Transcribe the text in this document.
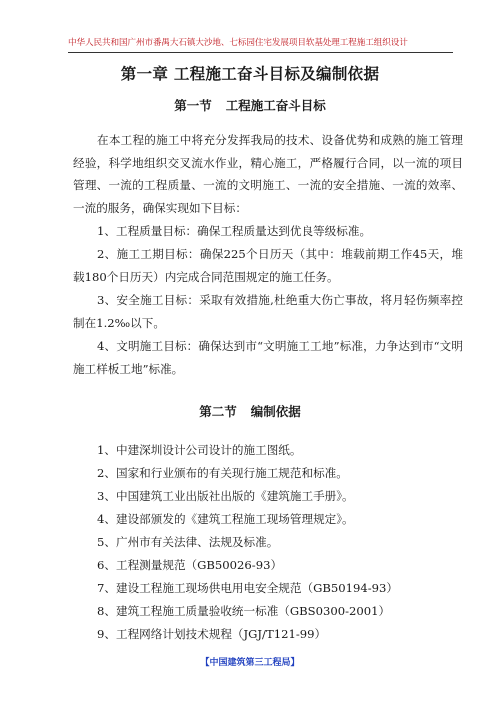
中华人民共和国广州市番禺大石镇大沙地、七标园住宅发展项目软基处理工程施工组织设计
第一章 工程施工奋斗目标及编制依据
第一节 工程施工奋斗目标

在本工程的施工中将充分发挥我局的技术、设备优势和成熟的施工管理经验，科学地组织交叉流水作业，精心施工，严格履行合同，以一流的项目管理、一流的工程质量、一流的文明施工、一流的安全措施、一流的效率、一流的服务，确保实现如下目标：

1、工程质量目标：确保工程质量达到优良等级标准。

2、施工工期目标：确保225个日历天（其中：堆载前期工作45天，堆载180个日历天）内完成合同范围规定的施工任务。

3、安全施工目标：采取有效措施,杜绝重大伤亡事故，将月轻伤频率控制在1.2‰以下。

4、文明施工目标：确保达到市“文明施工工地”标准，力争达到市“文明施工样板工地”标准。

第二节 编制依据

1、中建深圳设计公司设计的施工图纸。

2、国家和行业颁布的有关现行施工规范和标准。

3、中国建筑工业出版社出版的《建筑施工手册》。

4、建设部颁发的《建筑工程施工现场管理规定》。

5、广州市有关法律、法规及标准。

6、工程测量规范（GB50026-93）

7、建设工程施工现场供电用电安全规范（GB50194-93）

8、建筑工程施工质量验收统一标准（GBS0300-2001）

9、工程网络计划技术规程（JGJ/T121-99）

【中国建筑第三工程局】
